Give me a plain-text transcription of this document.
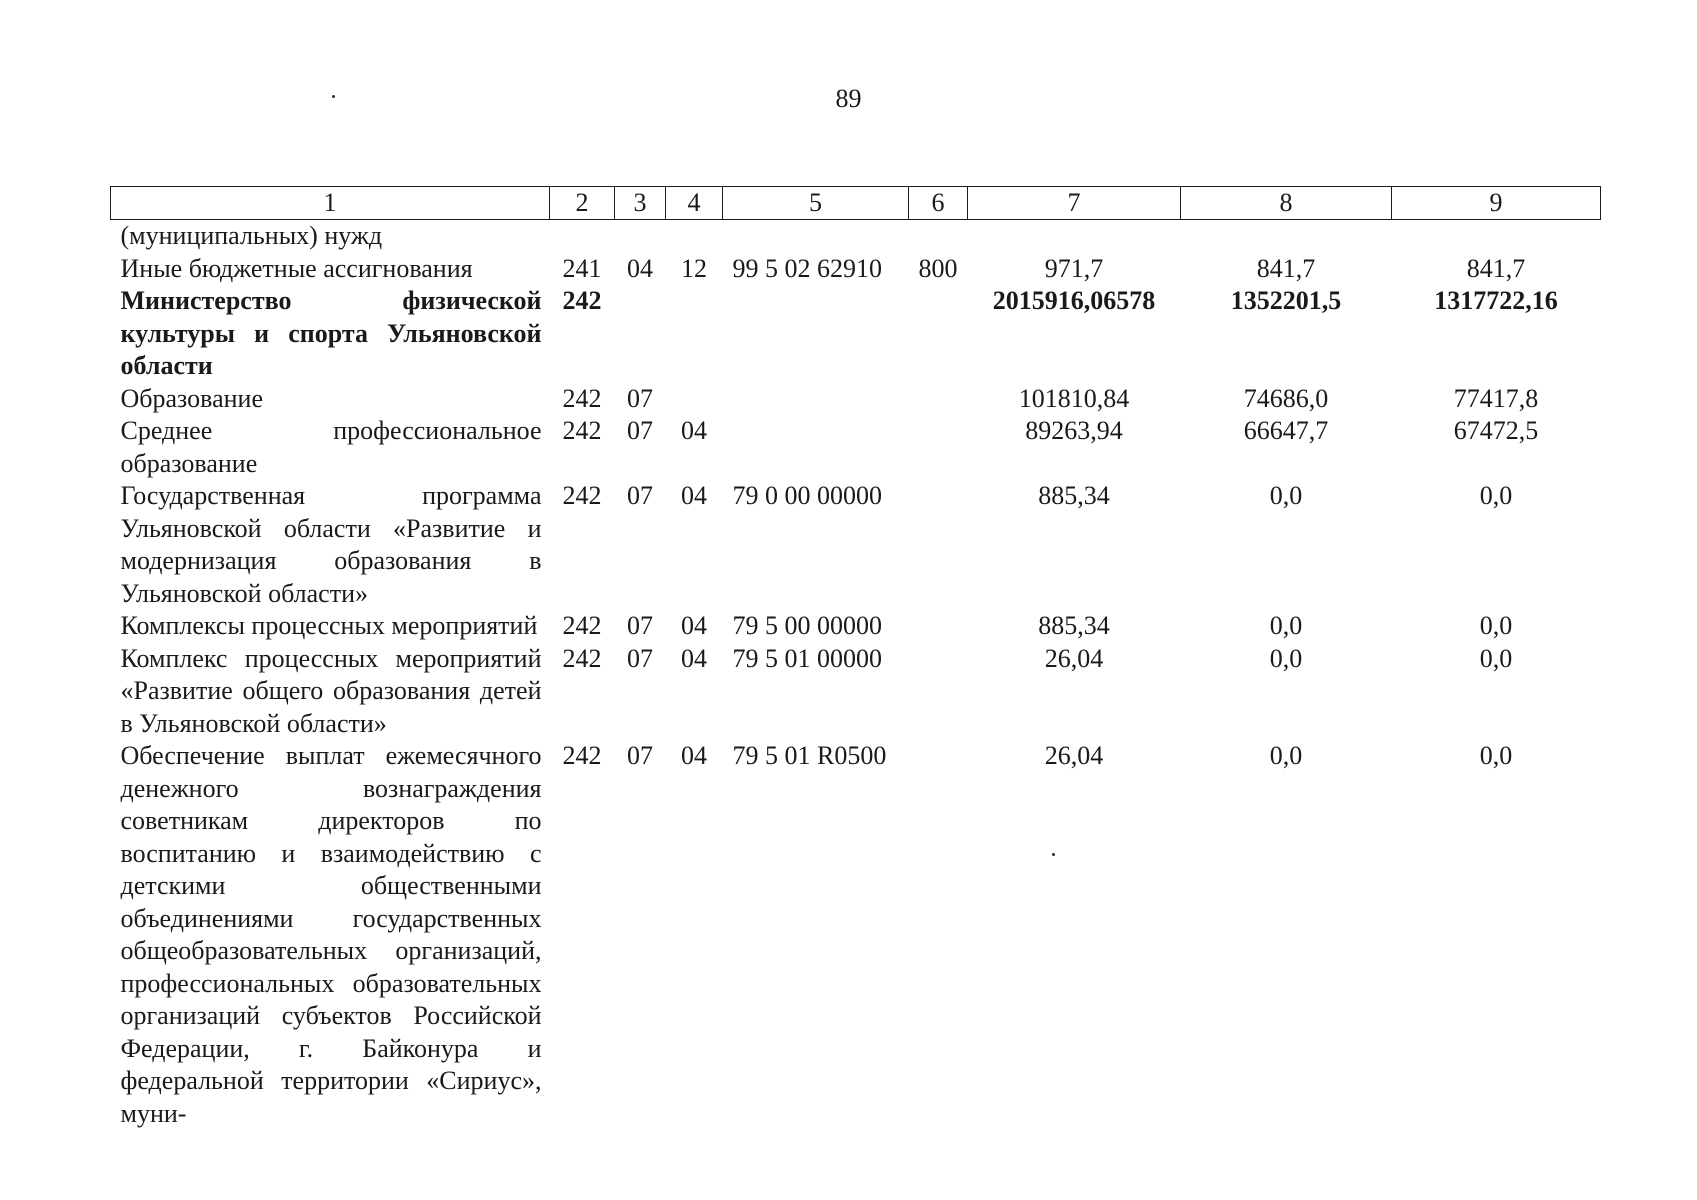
89
1	2	3	4	5	6	7	8	9
(муниципальных) нужд								
Иные бюджетные ассигнования	241	04	12	99 5 02 62910	800	971,7	841,7	841,7
Министерство физической культуры и спорта Ульяновской области	242					2015916,06578	1352201,5	1317722,16
Образование	242	07				101810,84	74686,0	77417,8
Среднее профессиональное образование	242	07	04			89263,94	66647,7	67472,5
Государственная программа Ульяновской области «Развитие и модернизация образования в Ульяновской области»	242	07	04	79 0 00 00000		885,34	0,0	0,0
Комплексы процессных мероприятий	242	07	04	79 5 00 00000		885,34	0,0	0,0
Комплекс процессных мероприятий «Развитие общего образования детей в Ульяновской области»	242	07	04	79 5 01 00000		26,04	0,0	0,0
Обеспечение выплат ежемесячного денежного вознаграждения советникам директоров по воспитанию и взаимодействию с детскими общественными объединениями государственных общеобразовательных организаций, профессиональных образовательных организаций субъектов Российской Федерации, г. Байконура и федеральной территории «Сириус», муни-	242	07	04	79 5 01 R0500		26,04	0,0	0,0
